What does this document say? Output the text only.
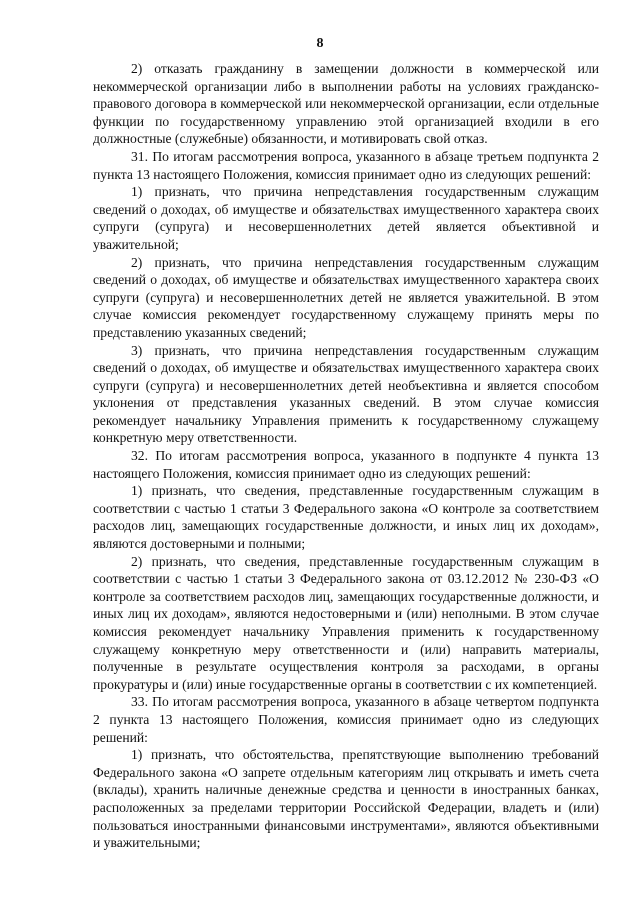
8

2) отказать гражданину в замещении должности в коммерческой или некоммерческой организации либо в выполнении работы на условиях гражданско-правового договора в коммерческой или некоммерческой организации, если отдельные функции по государственному управлению этой организацией входили в его должностные (служебные) обязанности, и мотивировать свой отказ.

31. По итогам рассмотрения вопроса, указанного в абзаце третьем подпункта 2 пункта 13 настоящего Положения, комиссия принимает одно из следующих решений:

1) признать, что причина непредставления государственным служащим сведений о доходах, об имуществе и обязательствах имущественного характера своих супруги (супруга) и несовершеннолетних детей является объективной и уважительной;

2) признать, что причина непредставления государственным служащим сведений о доходах, об имуществе и обязательствах имущественного характера своих супруги (супруга) и несовершеннолетних детей не является уважительной. В этом случае комиссия рекомендует государственному служащему принять меры по представлению указанных сведений;

3) признать, что причина непредставления государственным служащим сведений о доходах, об имуществе и обязательствах имущественного характера своих супруги (супруга) и несовершеннолетних детей необъективна и является способом уклонения от представления указанных сведений. В этом случае комиссия рекомендует начальнику Управления применить к государственному служащему конкретную меру ответственности.

32. По итогам рассмотрения вопроса, указанного в подпункте 4 пункта 13 настоящего Положения, комиссия принимает одно из следующих решений:

1) признать, что сведения, представленные государственным служащим в соответствии с частью 1 статьи 3 Федерального закона «О контроле за соответствием расходов лиц, замещающих государственные должности, и иных лиц их доходам», являются достоверными и полными;

2) признать, что сведения, представленные государственным служащим в соответствии с частью 1 статьи 3 Федерального закона от 03.12.2012 № 230-ФЗ «О контроле за соответствием расходов лиц, замещающих государственные должности, и иных лиц их доходам», являются недостоверными и (или) неполными. В этом случае комиссия рекомендует начальнику Управления применить к государственному служащему конкретную меру ответственности и (или) направить материалы, полученные в результате осуществления контроля за расходами, в органы прокуратуры и (или) иные государственные органы в соответствии с их компетенцией.

33. По итогам рассмотрения вопроса, указанного в абзаце четвертом подпункта 2 пункта 13 настоящего Положения, комиссия принимает одно из следующих решений:

1) признать, что обстоятельства, препятствующие выполнению требований Федерального закона «О запрете отдельным категориям лиц открывать и иметь счета (вклады), хранить наличные денежные средства и ценности в иностранных банках, расположенных за пределами территории Российской Федерации, владеть и (или) пользоваться иностранными финансовыми инструментами», являются объективными и уважительными;
